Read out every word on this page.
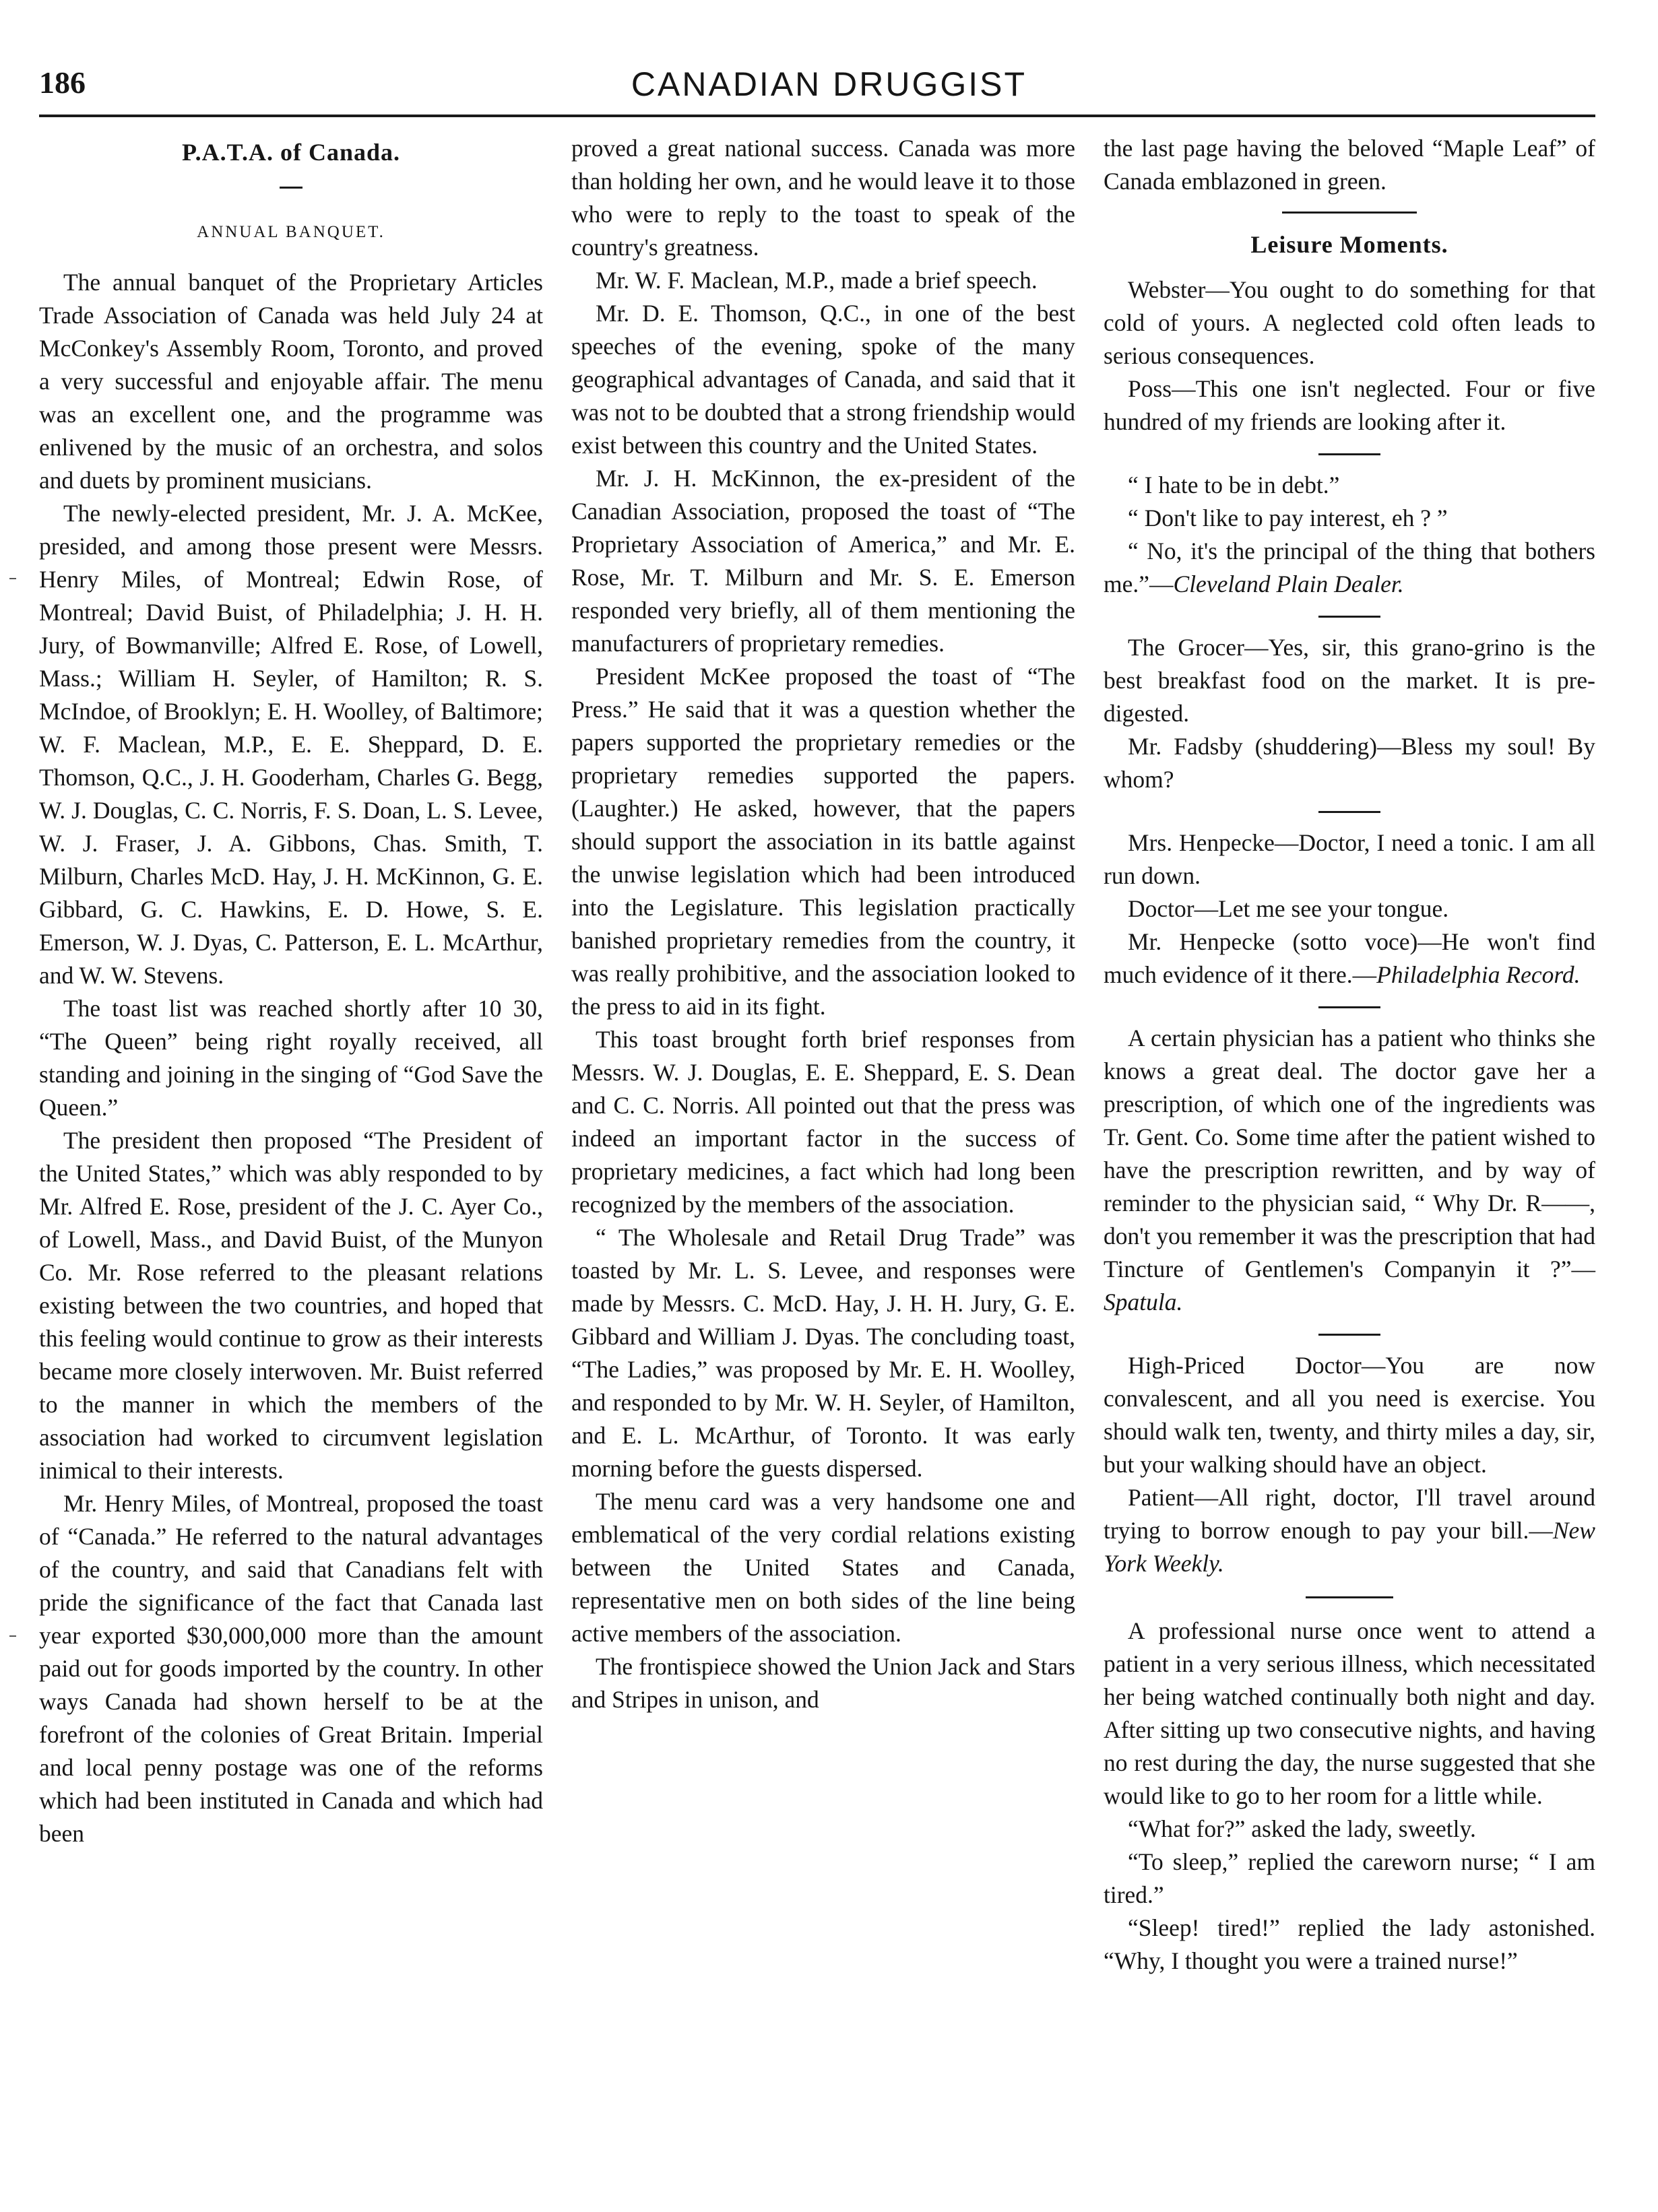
186	CANADIAN DRUGGIST
P.A.T.A. of Canada.
ANNUAL BANQUET.

The annual banquet of the Proprietary Articles Trade Association of Canada was held July 24 at McConkey's Assembly Room, Toronto, and proved a very successful and enjoyable affair. The menu was an excellent one, and the programme was enlivened by the music of an orchestra, and solos and duets by prominent musicians.

The newly-elected president, Mr. J. A. McKee, presided, and among those present were Messrs. Henry Miles, of Montreal; Edwin Rose, of Montreal; David Buist, of Philadelphia; J. H. H. Jury, of Bowmanville; Alfred E. Rose, of Lowell, Mass.; William H. Seyler, of Hamilton; R. S. McIndoe, of Brooklyn; E. H. Woolley, of Baltimore; W. F. Maclean, M.P., E. E. Sheppard, D. E. Thomson, Q.C., J. H. Gooderham, Charles G. Begg, W. J. Douglas, C. C. Norris, F. S. Doan, L. S. Levee, W. J. Fraser, J. A. Gibbons, Chas. Smith, T. Milburn, Charles McD. Hay, J. H. McKinnon, G. E. Gibbard, G. C. Hawkins, E. D. Howe, S. E. Emerson, W. J. Dyas, C. Patterson, E. L. McArthur, and W. W. Stevens.

The toast list was reached shortly after 10 30, “The Queen” being right royally received, all standing and joining in the singing of “God Save the Queen.”

The president then proposed “The President of the United States,” which was ably responded to by Mr. Alfred E. Rose, president of the J. C. Ayer Co., of Lowell, Mass., and David Buist, of the Munyon Co. Mr. Rose referred to the pleasant relations existing between the two countries, and hoped that this feeling would continue to grow as their interests became more closely interwoven. Mr. Buist referred to the manner in which the members of the association had worked to circumvent legislation inimical to their interests.

Mr. Henry Miles, of Montreal, proposed the toast of “Canada.” He referred to the natural advantages of the country, and said that Canadians felt with pride the significance of the fact that Canada last year exported $30,000,000 more than the amount paid out for goods imported by the country. In other ways Canada had shown herself to be at the forefront of the colonies of Great Britain. Imperial and local penny postage was one of the reforms which had been instituted in Canada and which had been

proved a great national success. Canada was more than holding her own, and he would leave it to those who were to reply to the toast to speak of the country's greatness.

Mr. W. F. Maclean, M.P., made a brief speech.

Mr. D. E. Thomson, Q.C., in one of the best speeches of the evening, spoke of the many geographical advantages of Canada, and said that it was not to be doubted that a strong friendship would exist between this country and the United States.

Mr. J. H. McKinnon, the ex-president of the Canadian Association, proposed the toast of “The Proprietary Association of America,” and Mr. E. Rose, Mr. T. Milburn and Mr. S. E. Emerson responded very briefly, all of them mentioning the manufacturers of proprietary remedies.

President McKee proposed the toast of “The Press.” He said that it was a question whether the papers supported the proprietary remedies or the proprietary remedies supported the papers. (Laughter.) He asked, however, that the papers should support the association in its battle against the unwise legislation which had been introduced into the Legislature. This legislation practically banished proprietary remedies from the country, it was really prohibitive, and the association looked to the press to aid in its fight.

This toast brought forth brief responses from Messrs. W. J. Douglas, E. E. Sheppard, E. S. Dean and C. C. Norris. All pointed out that the press was indeed an important factor in the success of proprietary medicines, a fact which had long been recognized by the members of the association.

“ The Wholesale and Retail Drug Trade” was toasted by Mr. L. S. Levee, and responses were made by Messrs. C. McD. Hay, J. H. H. Jury, G. E. Gibbard and William J. Dyas. The concluding toast, “The Ladies,” was proposed by Mr. E. H. Woolley, and responded to by Mr. W. H. Seyler, of Hamilton, and E. L. McArthur, of Toronto. It was early morning before the guests dispersed.

The menu card was a very handsome one and emblematical of the very cordial relations existing between the United States and Canada, representative men on both sides of the line being active members of the association.

The frontispiece showed the Union Jack and Stars and Stripes in unison, and

the last page having the beloved “Maple Leaf” of Canada emblazoned in green.

Leisure Moments.

Webster—You ought to do something for that cold of yours. A neglected cold often leads to serious consequences.

Poss—This one isn't neglected. Four or five hundred of my friends are looking after it.

“ I hate to be in debt.”

“ Don't like to pay interest, eh ? ”

“ No, it's the principal of the thing that bothers me.”—Cleveland Plain Dealer.

The Grocer—Yes, sir, this grano-grino is the best breakfast food on the market. It is pre-digested.

Mr. Fadsby (shuddering)—Bless my soul! By whom?

Mrs. Henpecke—Doctor, I need a tonic. I am all run down.

Doctor—Let me see your tongue.

Mr. Henpecke (sotto voce)—He won't find much evidence of it there.—Philadelphia Record.

A certain physician has a patient who thinks she knows a great deal. The doctor gave her a prescription, of which one of the ingredients was Tr. Gent. Co. Some time after the patient wished to have the prescription rewritten, and by way of reminder to the physician said, “ Why Dr. R——, don't you remember it was the prescription that had Tincture of Gentlemen's Companyin it ?”—Spatula.

High-Priced Doctor—You are now convalescent, and all you need is exercise. You should walk ten, twenty, and thirty miles a day, sir, but your walking should have an object.

Patient—All right, doctor, I'll travel around trying to borrow enough to pay your bill.—New York Weekly.

A professional nurse once went to attend a patient in a very serious illness, which necessitated her being watched continually both night and day. After sitting up two consecutive nights, and having no rest during the day, the nurse suggested that she would like to go to her room for a little while.

“What for?” asked the lady, sweetly.

“To sleep,” replied the careworn nurse; “ I am tired.”

“Sleep! tired!” replied the lady astonished. “Why, I thought you were a trained nurse!”
